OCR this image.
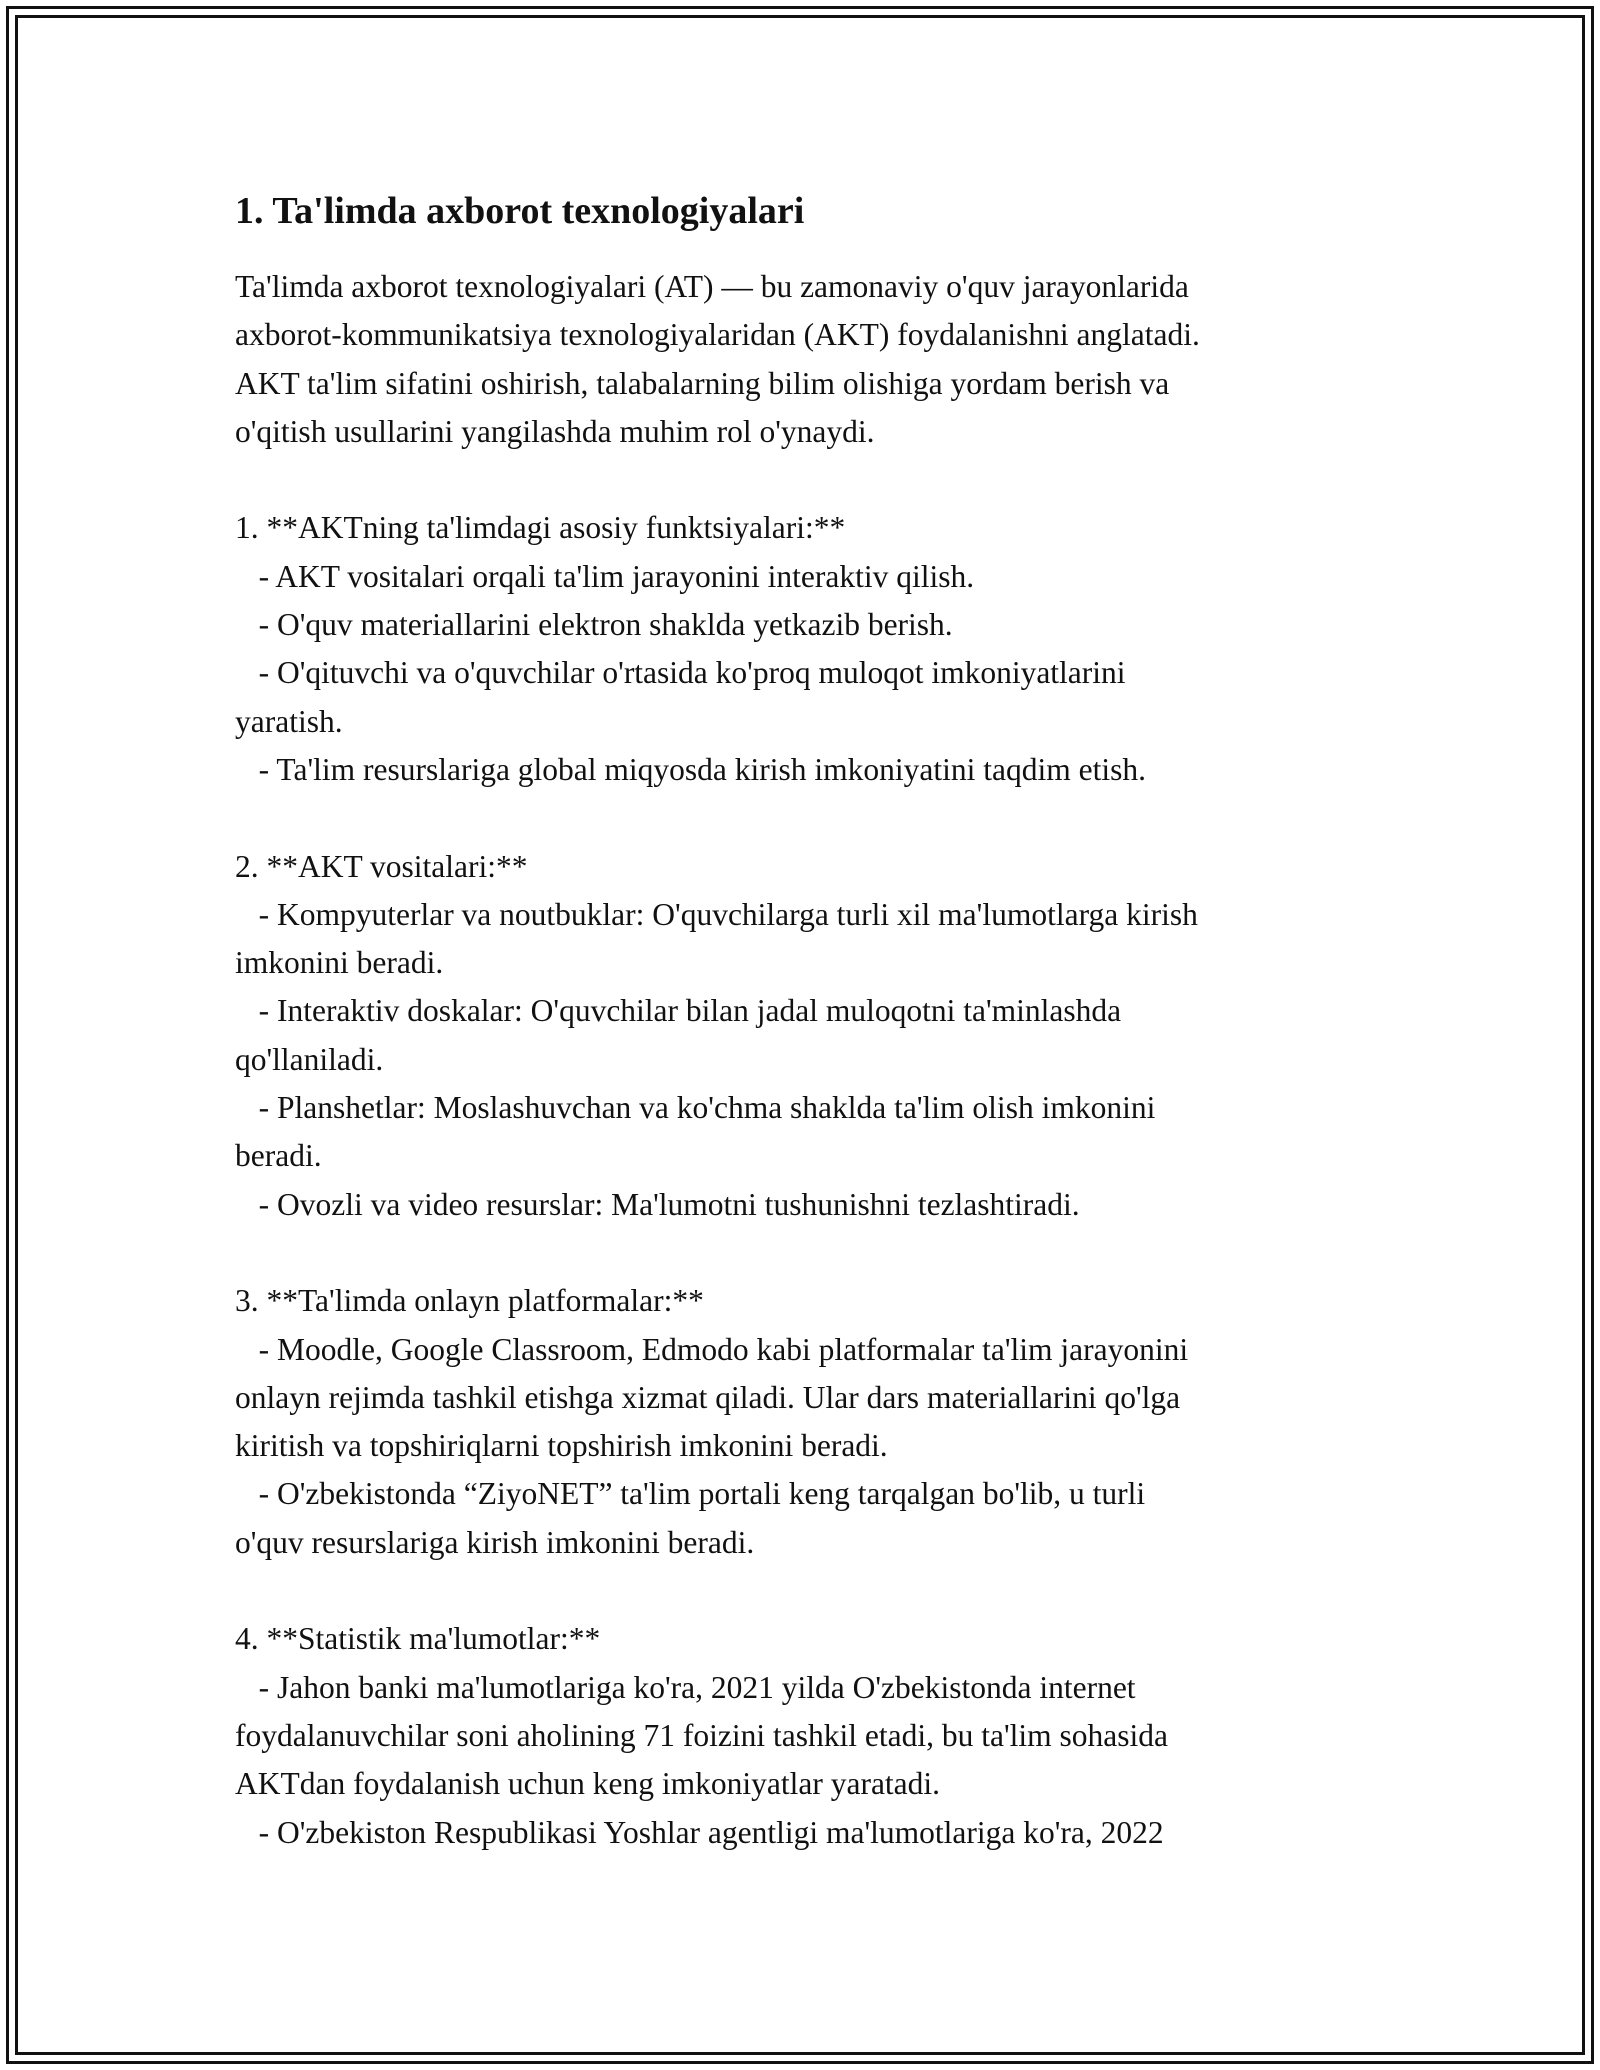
1. Ta'limda axborot texnologiyalari
Ta'limda axborot texnologiyalari (AT) — bu zamonaviy o'quv jarayonlarida
axborot-kommunikatsiya texnologiyalaridan (AKT) foydalanishni anglatadi.
AKT ta'lim sifatini oshirish, talabalarning bilim olishiga yordam berish va
o'qitish usullarini yangilashda muhim rol o'ynaydi.
1. **AKTning ta'limdagi asosiy funktsiyalari:**
- AKT vositalari orqali ta'lim jarayonini interaktiv qilish.
- O'quv materiallarini elektron shaklda yetkazib berish.
- O'qituvchi va o'quvchilar o'rtasida ko'proq muloqot imkoniyatlarini
yaratish.
- Ta'lim resurslariga global miqyosda kirish imkoniyatini taqdim etish.
2. **AKT vositalari:**
- Kompyuterlar va noutbuklar: O'quvchilarga turli xil ma'lumotlarga kirish
imkonini beradi.
- Interaktiv doskalar: O'quvchilar bilan jadal muloqotni ta'minlashda
qo'llaniladi.
- Planshetlar: Moslashuvchan va ko'chma shaklda ta'lim olish imkonini
beradi.
- Ovozli va video resurslar: Ma'lumotni tushunishni tezlashtiradi.
3. **Ta'limda onlayn platformalar:**
- Moodle, Google Classroom, Edmodo kabi platformalar ta'lim jarayonini
onlayn rejimda tashkil etishga xizmat qiladi. Ular dars materiallarini qo'lga
kiritish va topshiriqlarni topshirish imkonini beradi.
- O'zbekistonda “ZiyoNET” ta'lim portali keng tarqalgan bo'lib, u turli
o'quv resurslariga kirish imkonini beradi.
4. **Statistik ma'lumotlar:**
- Jahon banki ma'lumotlariga ko'ra, 2021 yilda O'zbekistonda internet
foydalanuvchilar soni aholining 71 foizini tashkil etadi, bu ta'lim sohasida
AKTdan foydalanish uchun keng imkoniyatlar yaratadi.
- O'zbekiston Respublikasi Yoshlar agentligi ma'lumotlariga ko'ra, 2022
